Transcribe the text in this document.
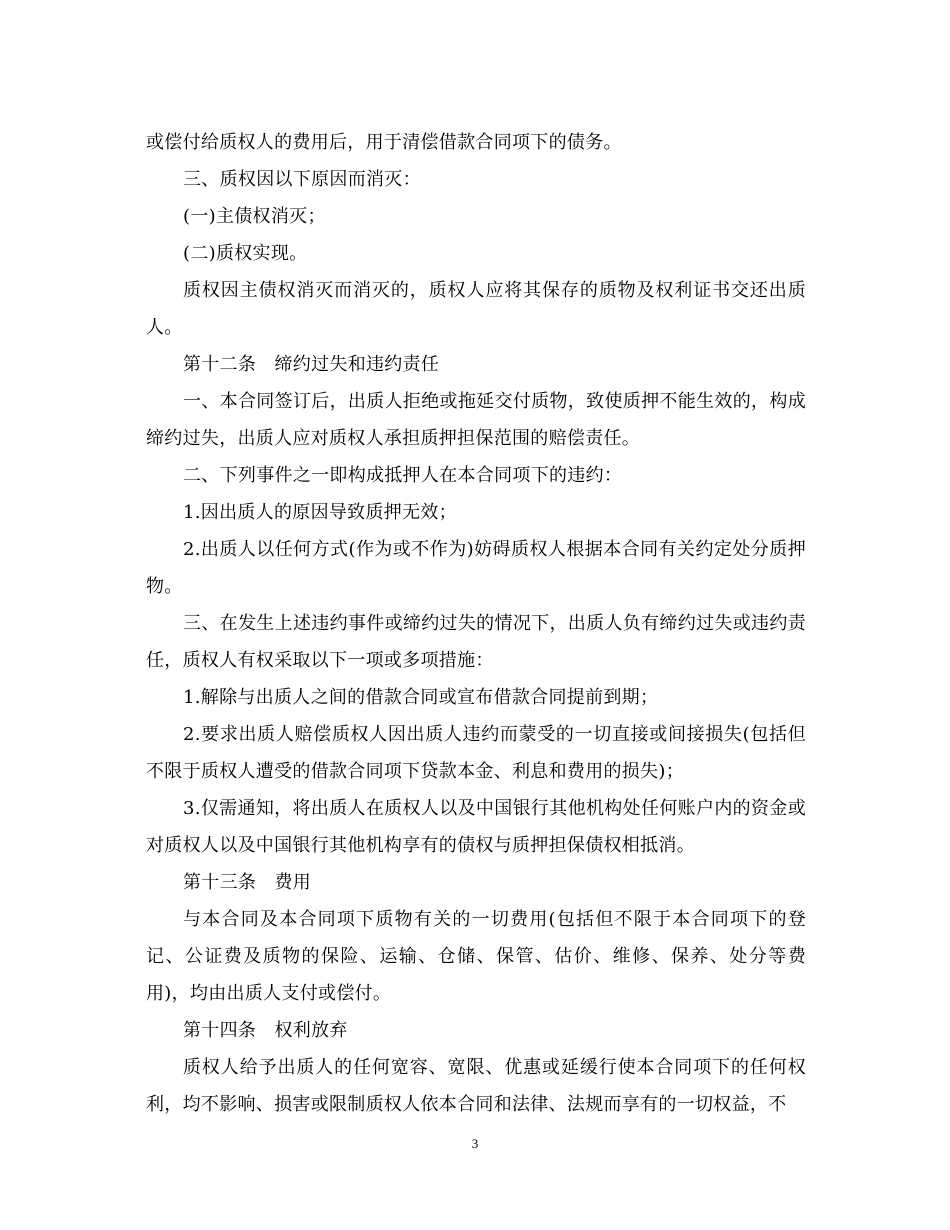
或偿付给质权人的费用后，用于清偿借款合同项下的债务。

三、质权因以下原因而消灭：

(一)主债权消灭；

(二)质权实现。

质权因主债权消灭而消灭的，质权人应将其保存的质物及权利证书交还出质人。

第十二条　缔约过失和违约责任

一、本合同签订后，出质人拒绝或拖延交付质物，致使质押不能生效的，构成缔约过失，出质人应对质权人承担质押担保范围的赔偿责任。

二、下列事件之一即构成抵押人在本合同项下的违约：

1.因出质人的原因导致质押无效；

2.出质人以任何方式(作为或不作为)妨碍质权人根据本合同有关约定处分质押物。

三、在发生上述违约事件或缔约过失的情况下，出质人负有缔约过失或违约责任，质权人有权采取以下一项或多项措施：

1.解除与出质人之间的借款合同或宣布借款合同提前到期；

2.要求出质人赔偿质权人因出质人违约而蒙受的一切直接或间接损失(包括但不限于质权人遭受的借款合同项下贷款本金、利息和费用的损失)；

3.仅需通知，将出质人在质权人以及中国银行其他机构处任何账户内的资金或对质权人以及中国银行其他机构享有的债权与质押担保债权相抵消。

第十三条　费用

与本合同及本合同项下质物有关的一切费用(包括但不限于本合同项下的登记、公证费及质物的保险、运输、仓储、保管、估价、维修、保养、处分等费用)，均由出质人支付或偿付。

第十四条　权利放弃

质权人给予出质人的任何宽容、宽限、优惠或延缓行使本合同项下的任何权利，均不影响、损害或限制质权人依本合同和法律、法规而享有的一切权益，不

3
